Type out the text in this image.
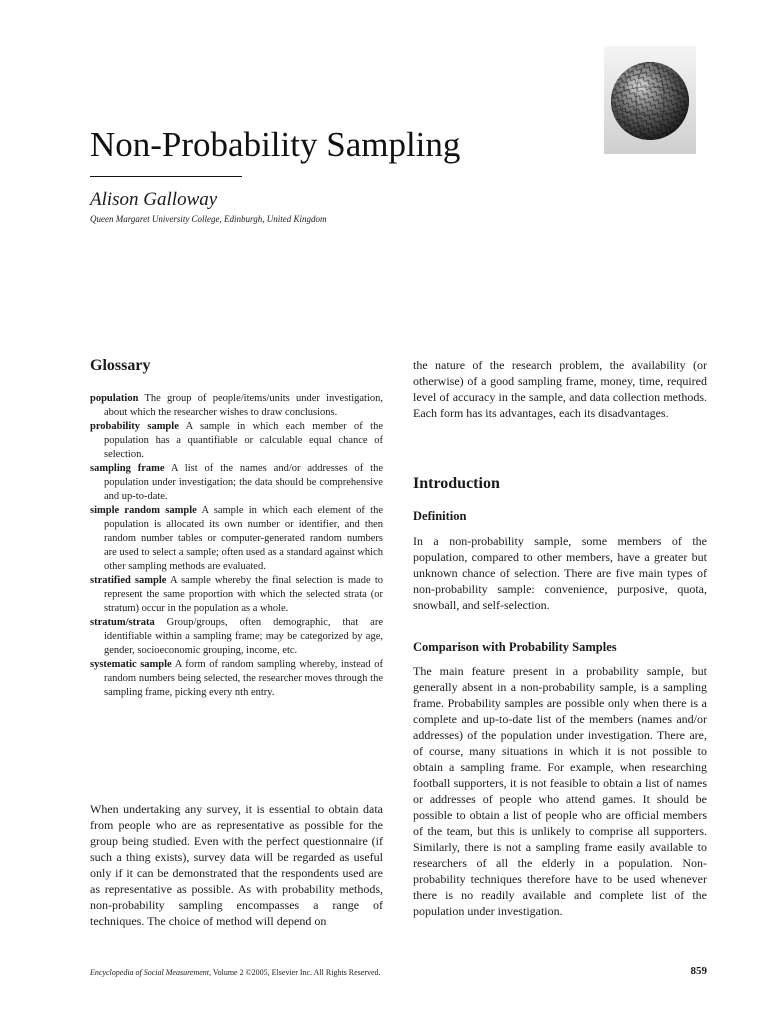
Non-Probability Sampling
Alison Galloway
Queen Margaret University College, Edinburgh, United Kingdom
Glossary

population The group of people/items/units under investigation, about which the researcher wishes to draw conclusions.

probability sample A sample in which each member of the population has a quantifiable or calculable equal chance of selection.

sampling frame A list of the names and/or addresses of the population under investigation; the data should be comprehensive and up-to-date.

simple random sample A sample in which each element of the population is allocated its own number or identifier, and then random number tables or computer-generated random numbers are used to select a sample; often used as a standard against which other sampling methods are evaluated.

stratified sample A sample whereby the final selection is made to represent the same proportion with which the selected strata (or stratum) occur in the population as a whole.

stratum/strata Group/groups, often demographic, that are identifiable within a sampling frame; may be categorized by age, gender, socioeconomic grouping, income, etc.

systematic sample A form of random sampling whereby, instead of random numbers being selected, the researcher moves through the sampling frame, picking every nth entry.

When undertaking any survey, it is essential to obtain data from people who are as representative as possible for the group being studied. Even with the perfect questionnaire (if such a thing exists), survey data will be regarded as useful only if it can be demonstrated that the respondents used are as representative as possible. As with probability methods, non-probability sampling encompasses a range of techniques. The choice of method will depend on

the nature of the research problem, the availability (or otherwise) of a good sampling frame, money, time, required level of accuracy in the sample, and data collection methods. Each form has its advantages, each its disadvantages.

Introduction
Definition

In a non-probability sample, some members of the population, compared to other members, have a greater but unknown chance of selection. There are five main types of non-probability sample: convenience, purposive, quota, snowball, and self-selection.

Comparison with Probability Samples

The main feature present in a probability sample, but generally absent in a non-probability sample, is a sampling frame. Probability samples are possible only when there is a complete and up-to-date list of the members (names and/or addresses) of the population under investigation. There are, of course, many situations in which it is not possible to obtain a sampling frame. For example, when researching football supporters, it is not feasible to obtain a list of names or addresses of people who attend games. It should be possible to obtain a list of people who are official members of the team, but this is unlikely to comprise all supporters. Similarly, there is not a sampling frame easily available to researchers of all the elderly in a population. Non-probability techniques therefore have to be used whenever there is no readily available and complete list of the population under investigation.

Encyclopedia of Social Measurement, Volume 2 ©2005, Elsevier Inc. All Rights Reserved.	859
